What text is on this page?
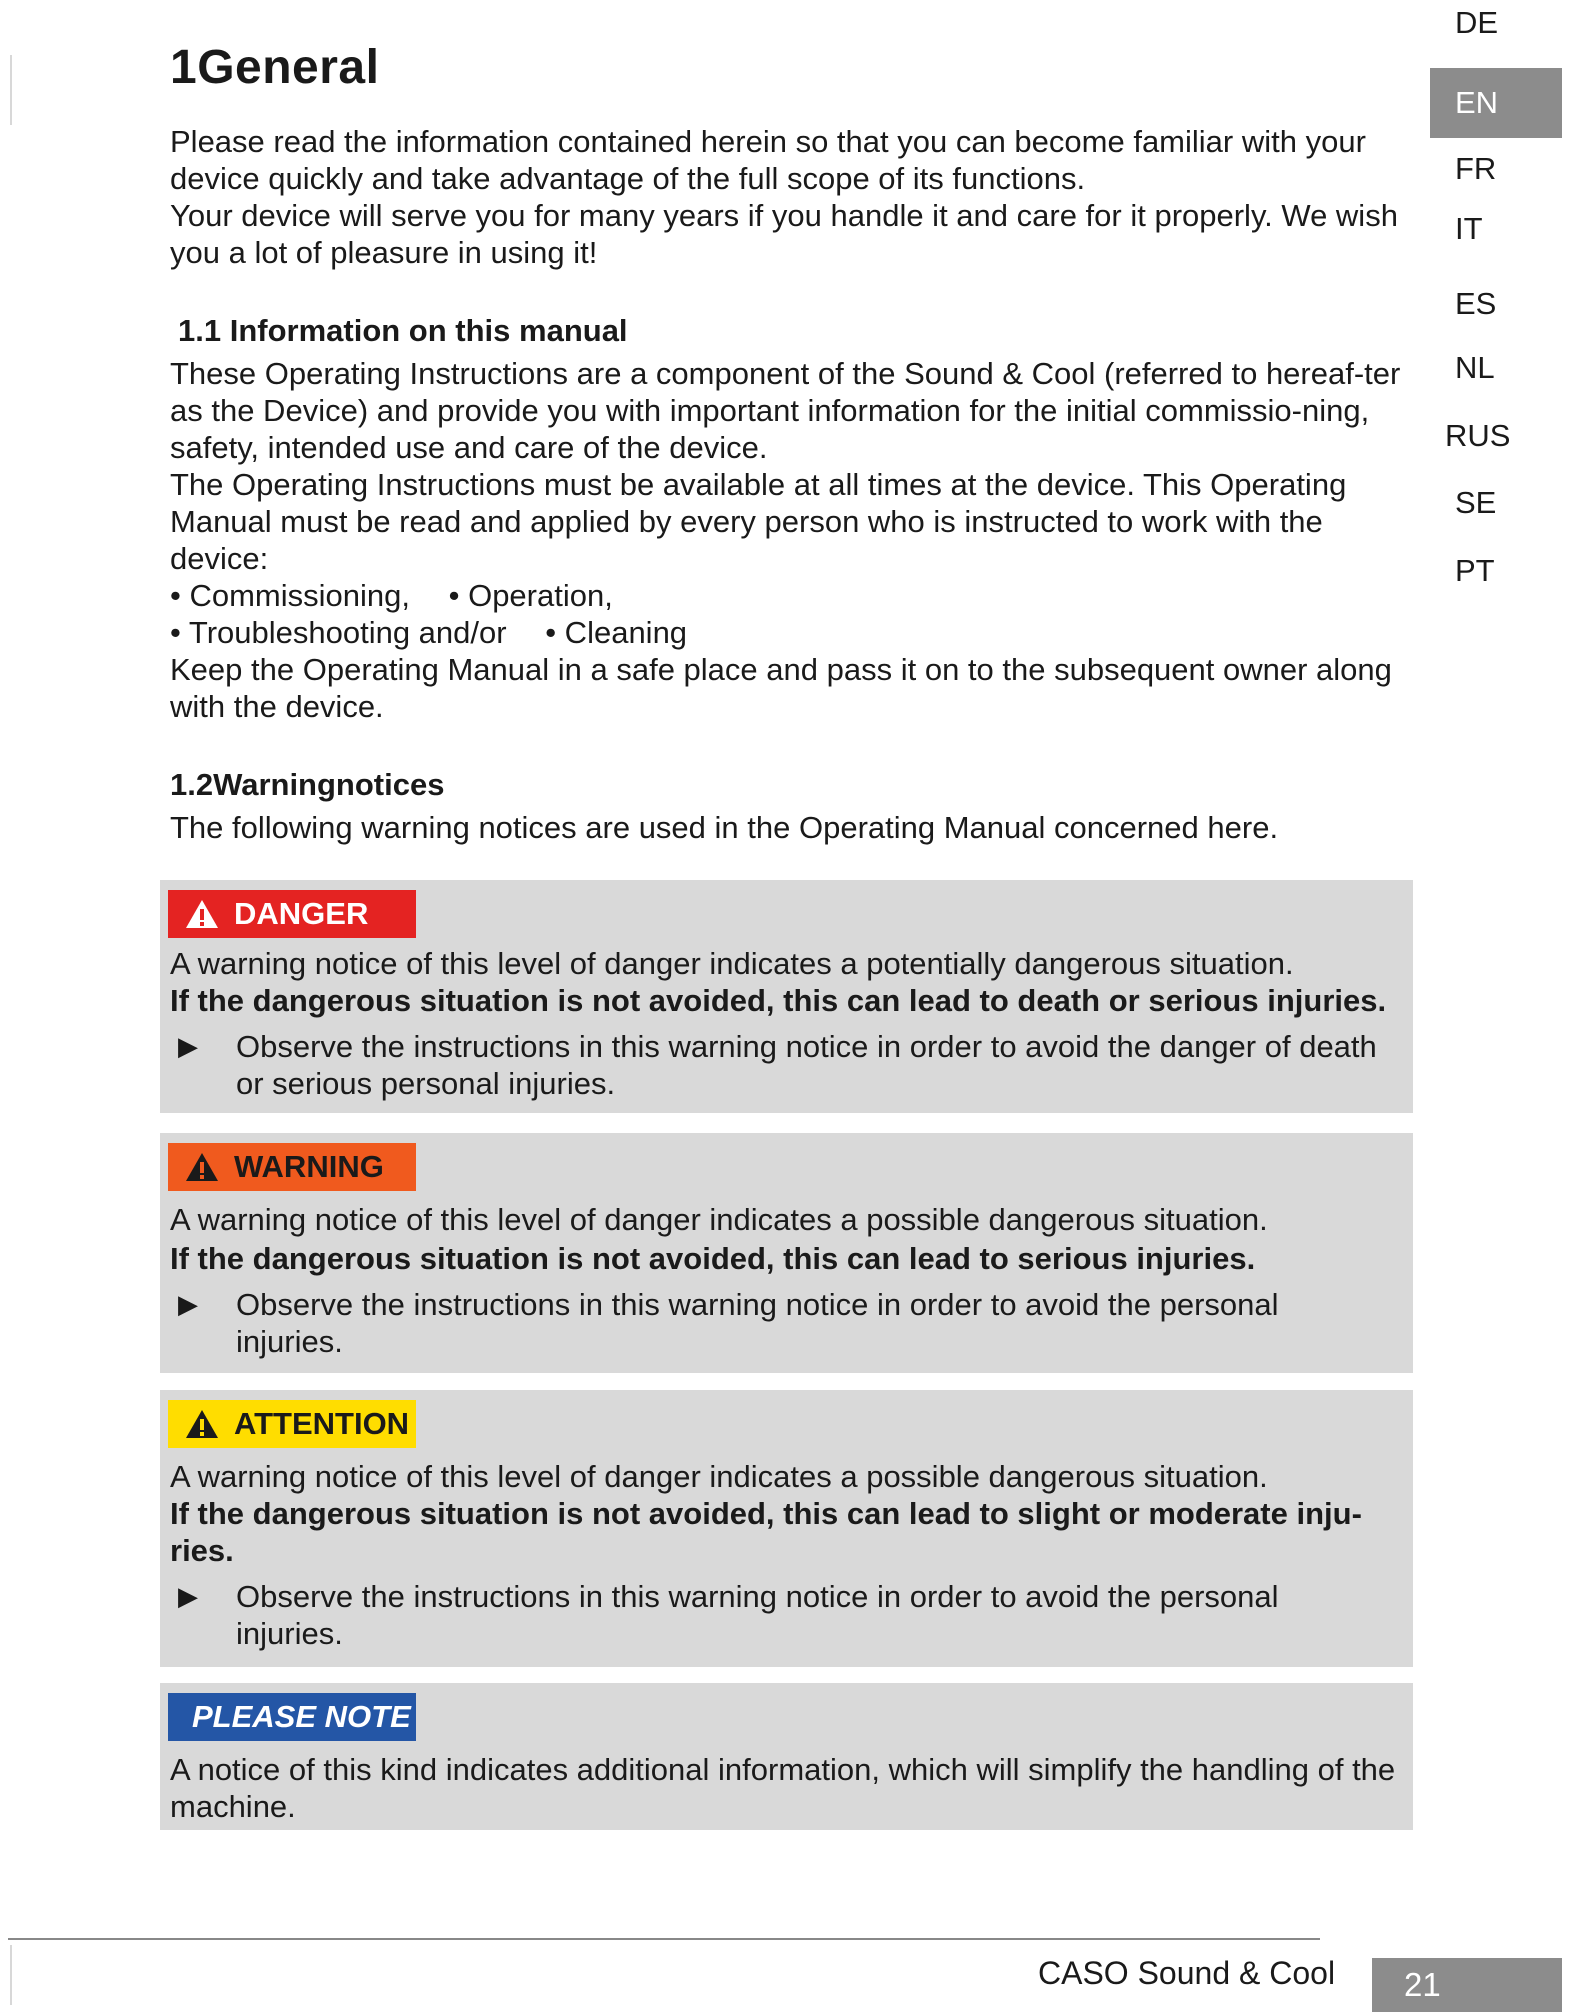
DE
EN
FR
IT
ES
NL
RUS
SE
PT
1General

Please read the information contained herein so that you can become familiar with your device quickly and take advantage of the full scope of its functions.

Your device will serve you for many years if you handle it and care for it properly. We wish you a lot of pleasure in using it!

1.1 Information on this manual

These Operating Instructions are a component of the Sound & Cool (referred to hereaf-ter as the Device) and provide you with important information for the initial commissio-ning, safety, intended use and care of the device.

The Operating Instructions must be available at all times at the device. This Operating Manual must be read and applied by every person who is instructed to work with the device:

• Commissioning, • Operation,
• Troubleshooting and/or • Cleaning

Keep the Operating Manual in a safe place and pass it on to the subsequent owner along with the device.

1.2Warningnotices

The following warning notices are used in the Operating Manual concerned here.

DANGER
A warning notice of this level of danger indicates a potentially dangerous situation.
If the dangerous situation is not avoided, this can lead to death or serious injuries.
▶ Observe the instructions in this warning notice in order to avoid the danger of death or serious personal injuries.
WARNING
A warning notice of this level of danger indicates a possible dangerous situation.
If the dangerous situation is not avoided, this can lead to serious injuries.
▶ Observe the instructions in this warning notice in order to avoid the personal injuries.
ATTENTION
A warning notice of this level of danger indicates a possible dangerous situation.
If the dangerous situation is not avoided, this can lead to slight or moderate inju-ries.
▶ Observe the instructions in this warning notice in order to avoid the personal injuries.
PLEASE NOTE
A notice of this kind indicates additional information, which will simplify the handling of the machine.
CASO Sound & Cool	21
